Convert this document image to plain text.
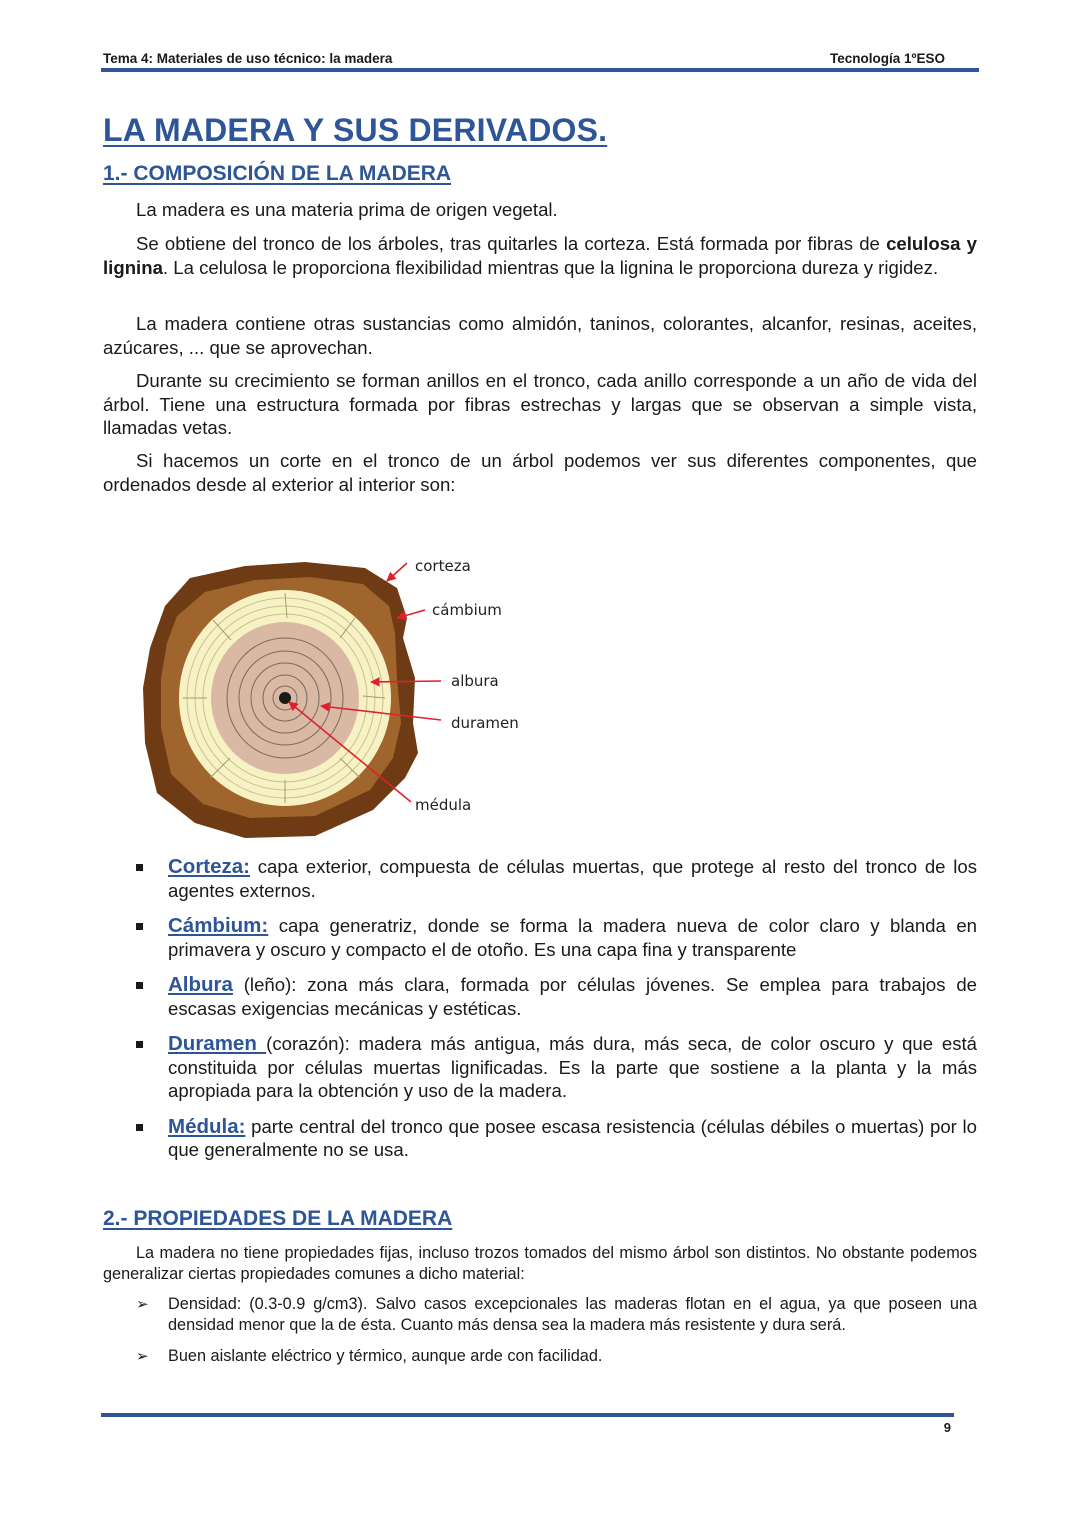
Tema 4: Materiales de uso técnico: la madera	Tecnología 1ºESO
LA MADERA Y SUS DERIVADOS.
1.- COMPOSICIÓN DE LA MADERA

La madera es una materia prima de origen vegetal.

Se obtiene del tronco de los árboles, tras quitarles la corteza. Está formada por fibras de celulosa y lignina. La celulosa le proporciona flexibilidad mientras que la lignina le proporciona dureza y rigidez.

La madera contiene otras sustancias como almidón, taninos, colorantes, alcanfor, resinas, aceites, azúcares, ... que se aprovechan.

Durante su crecimiento se forman anillos en el tronco, cada anillo corresponde a un año de vida del árbol. Tiene una estructura formada por fibras estrechas y largas que se observan a simple vista, llamadas vetas.

Si hacemos un corte en el tronco de un árbol podemos ver sus diferentes componentes, que ordenados desde al exterior al interior son:

corteza
cámbium
albura
duramen
médula
Corteza: capa exterior, compuesta de células muertas, que protege al resto del tronco de los agentes externos.
Cámbium: capa generatriz, donde se forma la madera nueva de color claro y blanda en primavera y oscuro y compacto el de otoño. Es una capa fina y transparente
Albura (leño): zona más clara, formada por células jóvenes. Se emplea para trabajos de escasas exigencias mecánicas y estéticas.
Duramen (corazón): madera más antigua, más dura, más seca, de color oscuro y que está constituida por células muertas lignificadas. Es la parte que sostiene a la planta y la más apropiada para la obtención y uso de la madera.
Médula: parte central del tronco que posee escasa resistencia (células débiles o muertas) por lo que generalmente no se usa.
2.- PROPIEDADES DE LA MADERA

La madera no tiene propiedades fijas, incluso trozos tomados del mismo árbol son distintos. No obstante podemos generalizar ciertas propiedades comunes a dicho material:

➢ Densidad: (0.3-0.9 g/cm3). Salvo casos excepcionales las maderas flotan en el agua, ya que poseen una densidad menor que la de ésta. Cuanto más densa sea la madera más resistente y dura será.
➢ Buen aislante eléctrico y térmico, aunque arde con facilidad.
9
